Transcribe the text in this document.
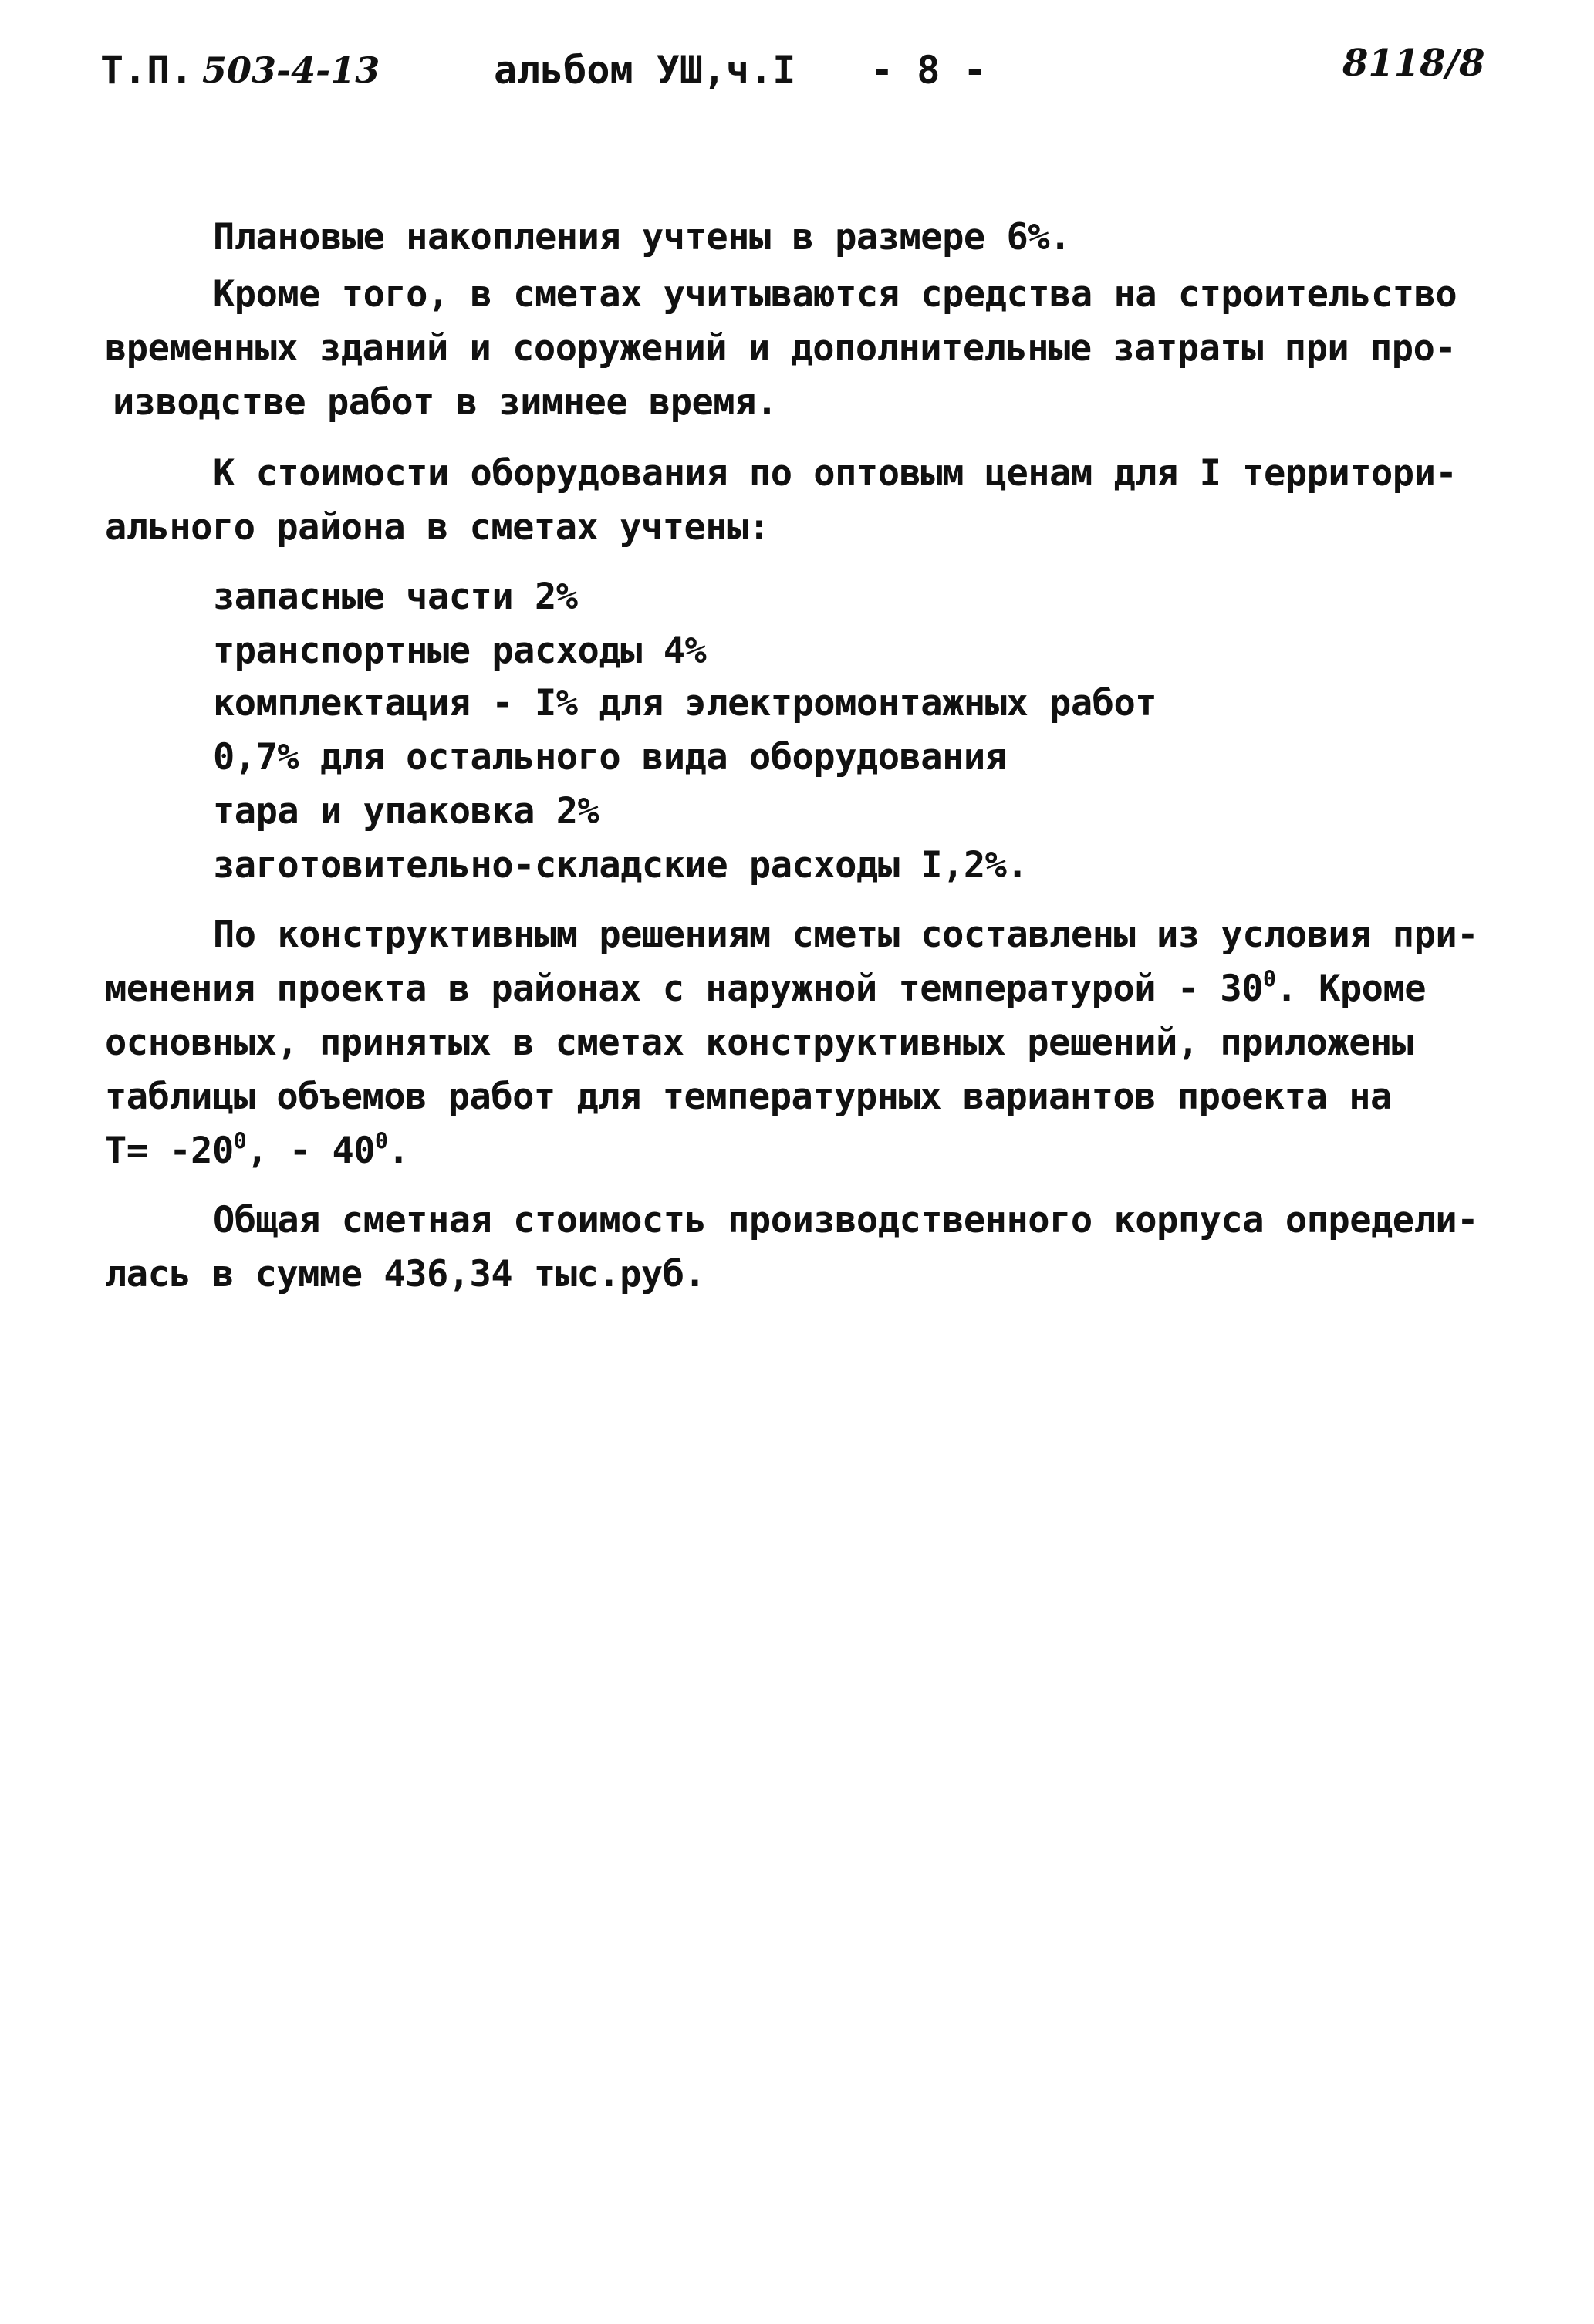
Т.П. 503-4-13	альбом УШ,ч.I - 8 -	8118/8
Плановые накопления учтены в размере 6%.
Кроме того, в сметах учитываются средства на строительство
временных зданий и сооружений и дополнительные затраты при про-
изводстве работ в зимнее время.
К стоимости оборудования по оптовым ценам для I территори-
ального района в сметах учтены:
запасные части 2%
транспортные расходы 4%
комплектация - I% для электромонтажных работ
0,7% для остального вида оборудования
тара и упаковка 2%
заготовительно-складские расходы I,2%.
По конструктивным решениям сметы составлены из условия при-
менения проекта в районах с наружной температурой - $30^0$. Кроме
основных, принятых в сметах конструктивных решений, приложены
таблицы объемов работ для температурных вариантов проекта на
$Т= -20^0$, - $40^0$.
Общая сметная стоимость производственного корпуса определи-
лась в сумме 436,34 тыс.руб.
